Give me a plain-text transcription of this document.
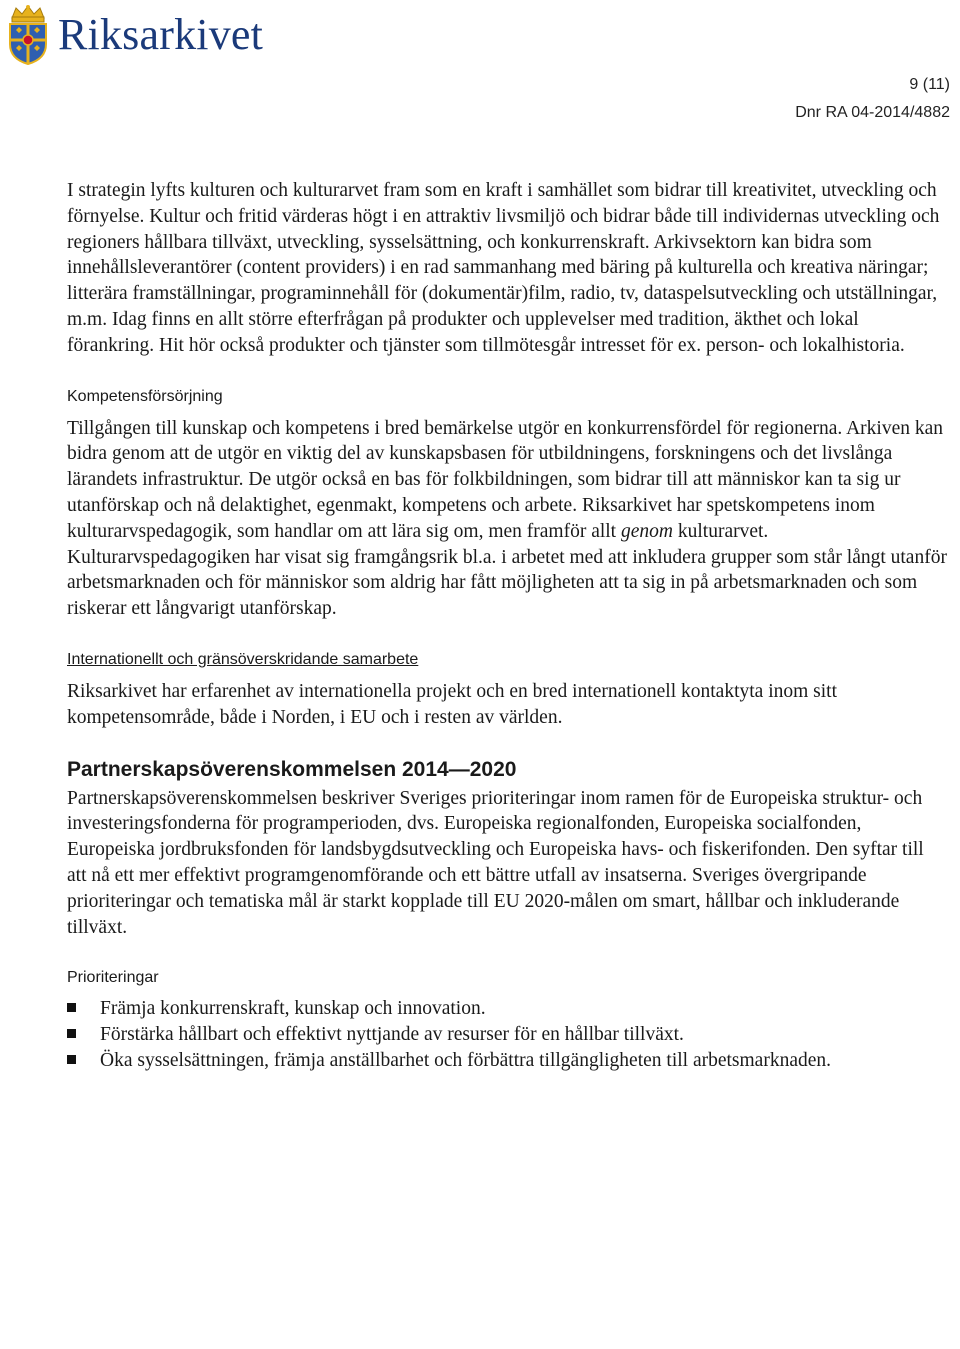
Riksarkivet
9 (11)
Dnr RA 04-2014/4882

I strategin lyfts kulturen och kulturarvet fram som en kraft i samhället som bidrar till kreativitet, utveckling och förnyelse. Kultur och fritid värderas högt i en attraktiv livsmiljö och bidrar både till individernas utveckling och regioners hållbara tillväxt, utveckling, sysselsättning, och konkurrenskraft. Arkivsektorn kan bidra som innehållsleverantörer (content providers) i en rad sammanhang med bäring på kulturella och kreativa näringar; litterära framställningar, programinnehåll för (dokumentär)film, radio, tv, dataspelsutveckling och utställningar, m.m. Idag finns en allt större efterfrågan på produkter och upplevelser med tradition, äkthet och lokal förankring. Hit hör också produkter och tjänster som tillmötesgår intresset för ex. person- och lokalhistoria.

Kompetensförsörjning

Tillgången till kunskap och kompetens i bred bemärkelse utgör en konkurrensfördel för regionerna. Arkiven kan bidra genom att de utgör en viktig del av kunskapsbasen för utbildningens, forskningens och det livslånga lärandets infrastruktur. De utgör också en bas för folkbildningen, som bidrar till att människor kan ta sig ur utanförskap och nå delaktighet, egenmakt, kompetens och arbete. Riksarkivet har spetskompetens inom kulturarvspedagogik, som handlar om att lära sig om, men framför allt genom kulturarvet. Kulturarvspedagogiken har visat sig framgångsrik bl.a. i arbetet med att inkludera grupper som står långt utanför arbetsmarknaden och för människor som aldrig har fått möjligheten att ta sig in på arbetsmarknaden och som riskerar ett långvarigt utanförskap.

Internationellt och gränsöverskridande samarbete

Riksarkivet har erfarenhet av internationella projekt och en bred internationell kontaktyta inom sitt kompetensområde, både i Norden, i EU och i resten av världen.

Partnerskapsöverenskommelsen 2014—2020

Partnerskapsöverenskommelsen beskriver Sveriges prioriteringar inom ramen för de Europeiska struktur- och investeringsfonderna för programperioden, dvs. Europeiska regionalfonden, Europeiska socialfonden, Europeiska jordbruksfonden för landsbygdsutveckling och Europeiska havs- och fiskerifonden. Den syftar till att nå ett mer effektivt programgenomförande och ett bättre utfall av insatserna. Sveriges övergripande prioriteringar och tematiska mål är starkt kopplade till EU 2020-målen om smart, hållbar och inkluderande tillväxt.

Prioriteringar
Främja konkurrenskraft, kunskap och innovation.
Förstärka hållbart och effektivt nyttjande av resurser för en hållbar tillväxt.
Öka sysselsättningen, främja anställbarhet och förbättra tillgängligheten till arbetsmarknaden.
